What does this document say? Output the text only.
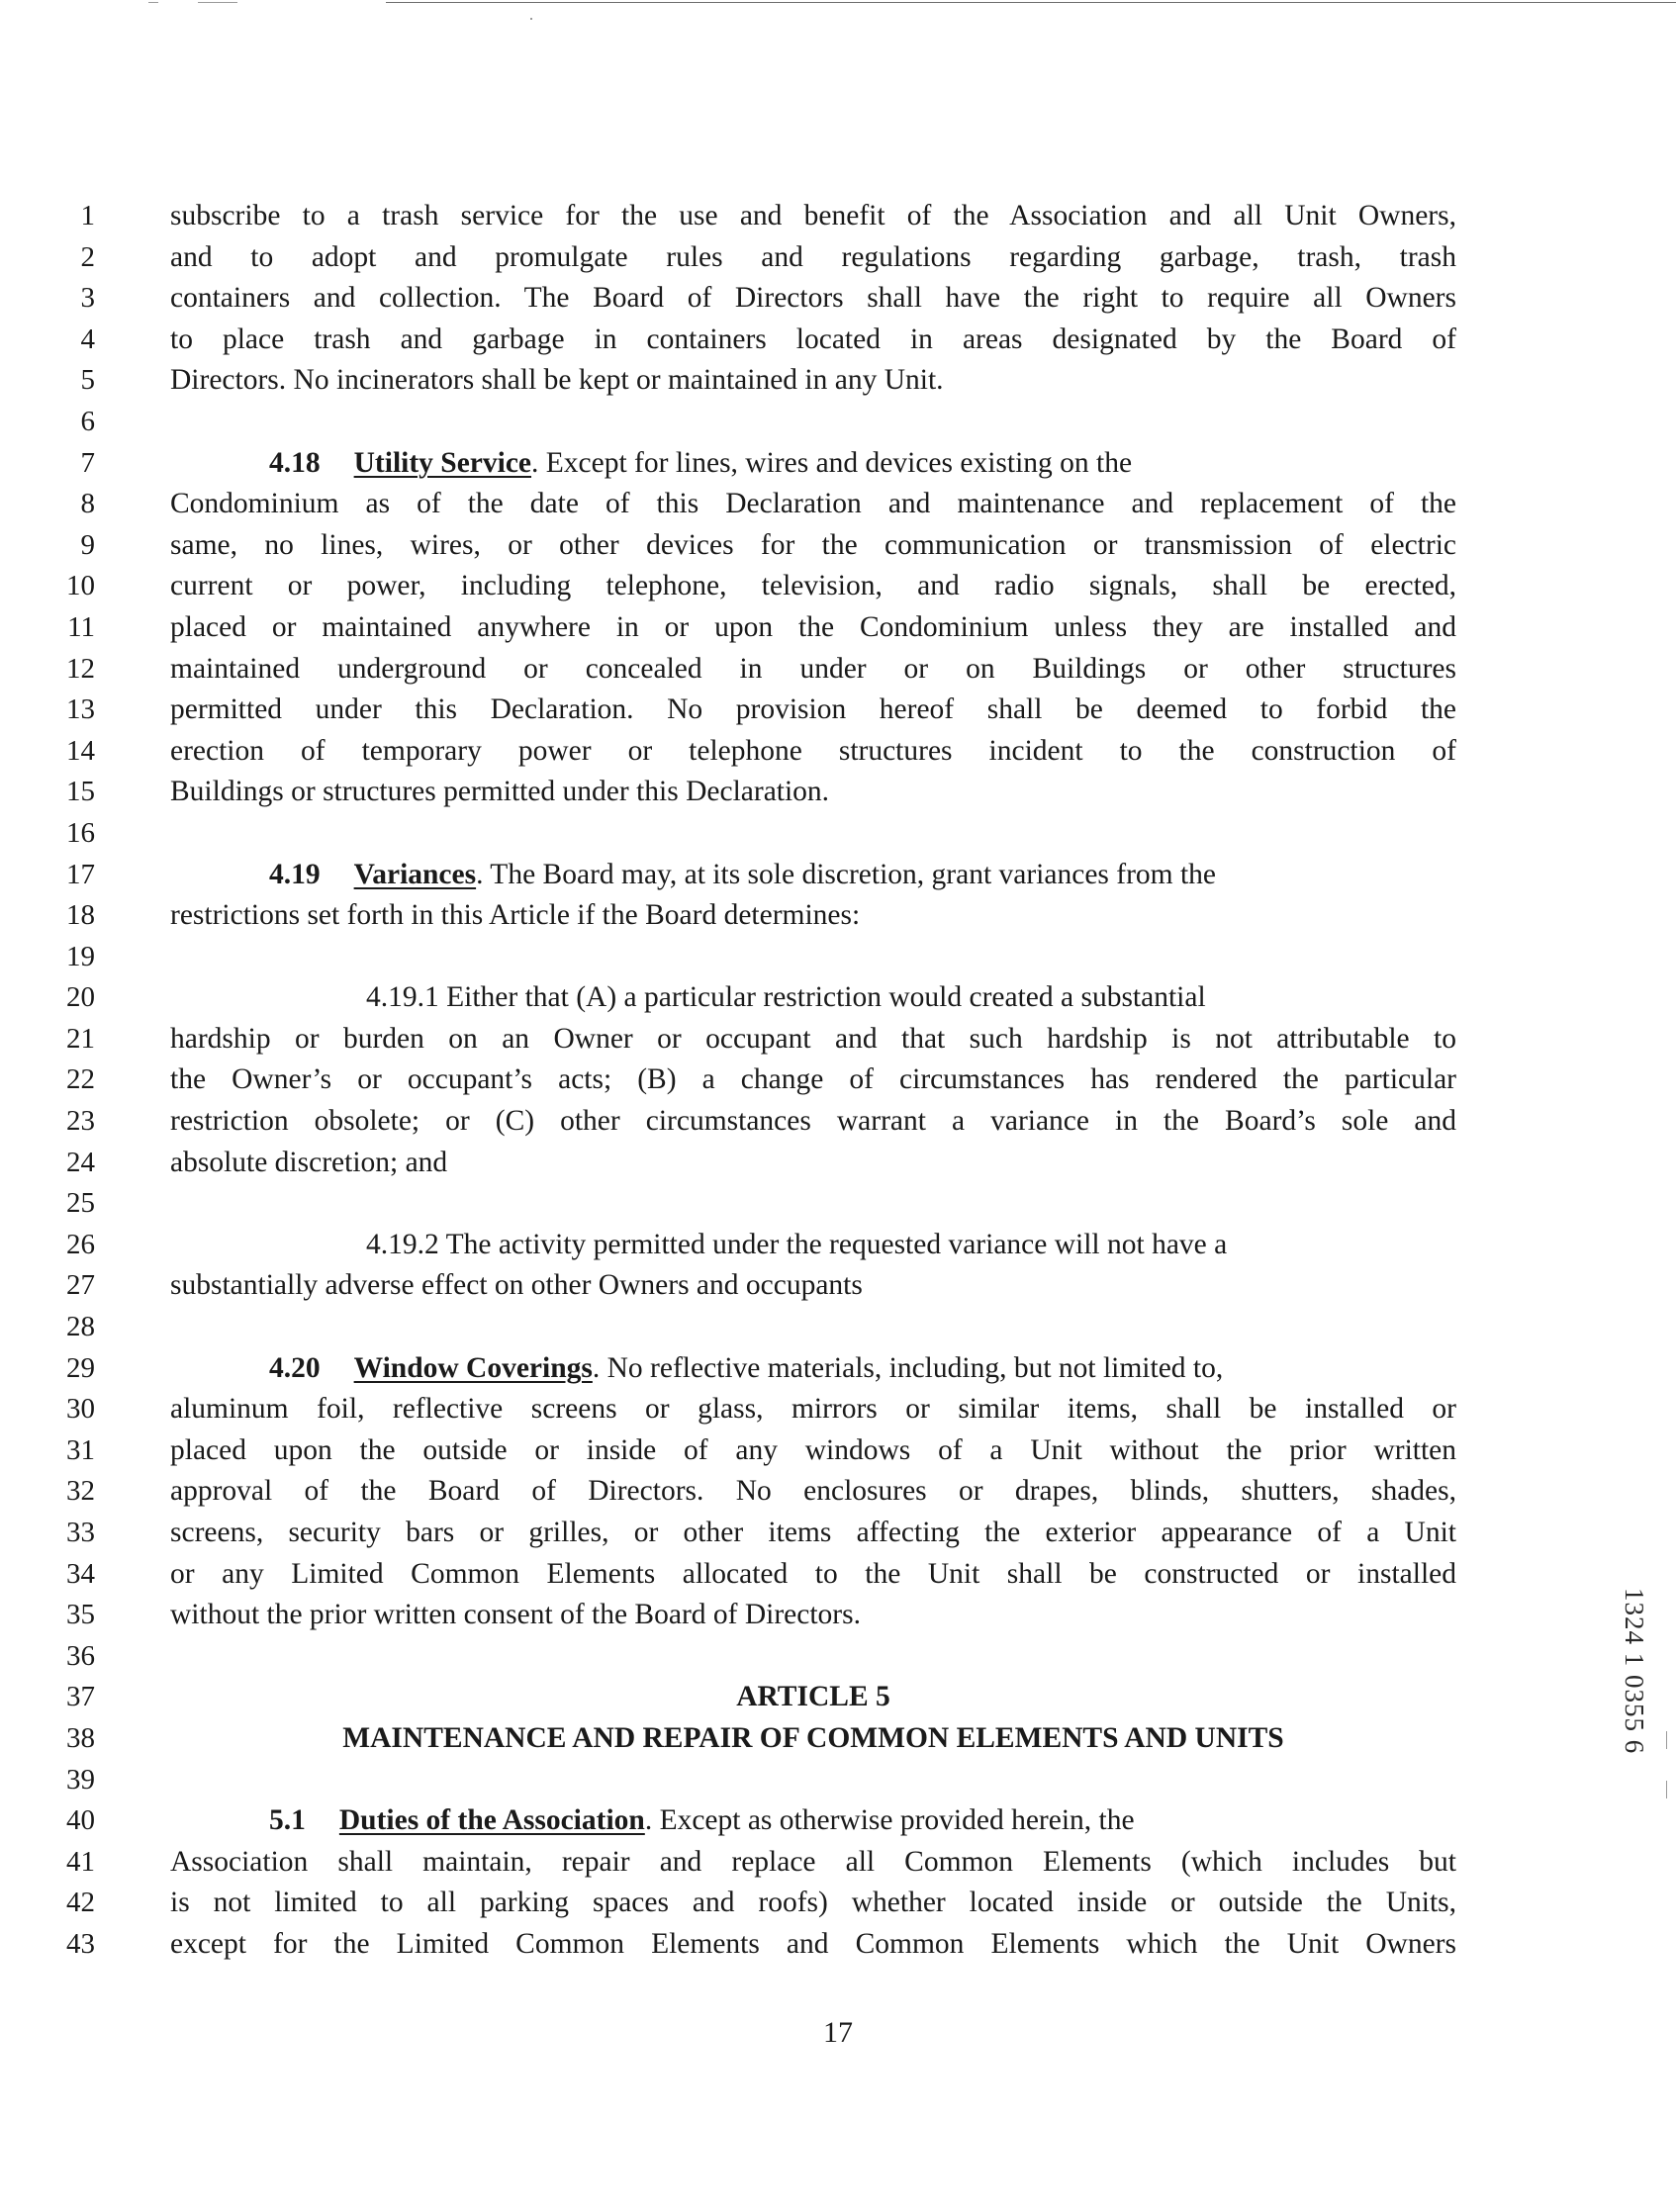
1
2
3
4
5
6
7
8
9
10
11
12
13
14
15
16
17
18
19
20
21
22
23
24
25
26
27
28
29
30
31
32
33
34
35
36
37
38
39
40
41
42
43
subscribe to a trash service for the use and benefit of the Association and all Unit Owners,
and to adopt and promulgate rules and regulations regarding garbage, trash, trash
containers and collection. The Board of Directors shall have the right to require all Owners
to place trash and garbage in containers located in areas designated by the Board of
Directors. No incinerators shall be kept or maintained in any Unit.
4.18 Utility Service. Except for lines, wires and devices existing on the
Condominium as of the date of this Declaration and maintenance and replacement of the
same, no lines, wires, or other devices for the communication or transmission of electric
current or power, including telephone, television, and radio signals, shall be erected,
placed or maintained anywhere in or upon the Condominium unless they are installed and
maintained underground or concealed in under or on Buildings or other structures
permitted under this Declaration. No provision hereof shall be deemed to forbid the
erection of temporary power or telephone structures incident to the construction of
Buildings or structures permitted under this Declaration.
4.19 Variances. The Board may, at its sole discretion, grant variances from the
restrictions set forth in this Article if the Board determines:
4.19.1 Either that (A) a particular restriction would created a substantial
hardship or burden on an Owner or occupant and that such hardship is not attributable to
the Owner’s or occupant’s acts; (B) a change of circumstances has rendered the particular
restriction obsolete; or (C) other circumstances warrant a variance in the Board’s sole and
absolute discretion; and
4.19.2 The activity permitted under the requested variance will not have a
substantially adverse effect on other Owners and occupants
4.20 Window Coverings. No reflective materials, including, but not limited to,
aluminum foil, reflective screens or glass, mirrors or similar items, shall be installed or
placed upon the outside or inside of any windows of a Unit without the prior written
approval of the Board of Directors. No enclosures or drapes, blinds, shutters, shades,
screens, security bars or grilles, or other items affecting the exterior appearance of a Unit
or any Limited Common Elements allocated to the Unit shall be constructed or installed
without the prior written consent of the Board of Directors.
ARTICLE 5
MAINTENANCE AND REPAIR OF COMMON ELEMENTS AND UNITS
5.1 Duties of the Association. Except as otherwise provided herein, the
Association shall maintain, repair and replace all Common Elements (which includes but
is not limited to all parking spaces and roofs) whether located inside or outside the Units,
except for the Limited Common Elements and Common Elements which the Unit Owners
1324 1 0355 6
17
